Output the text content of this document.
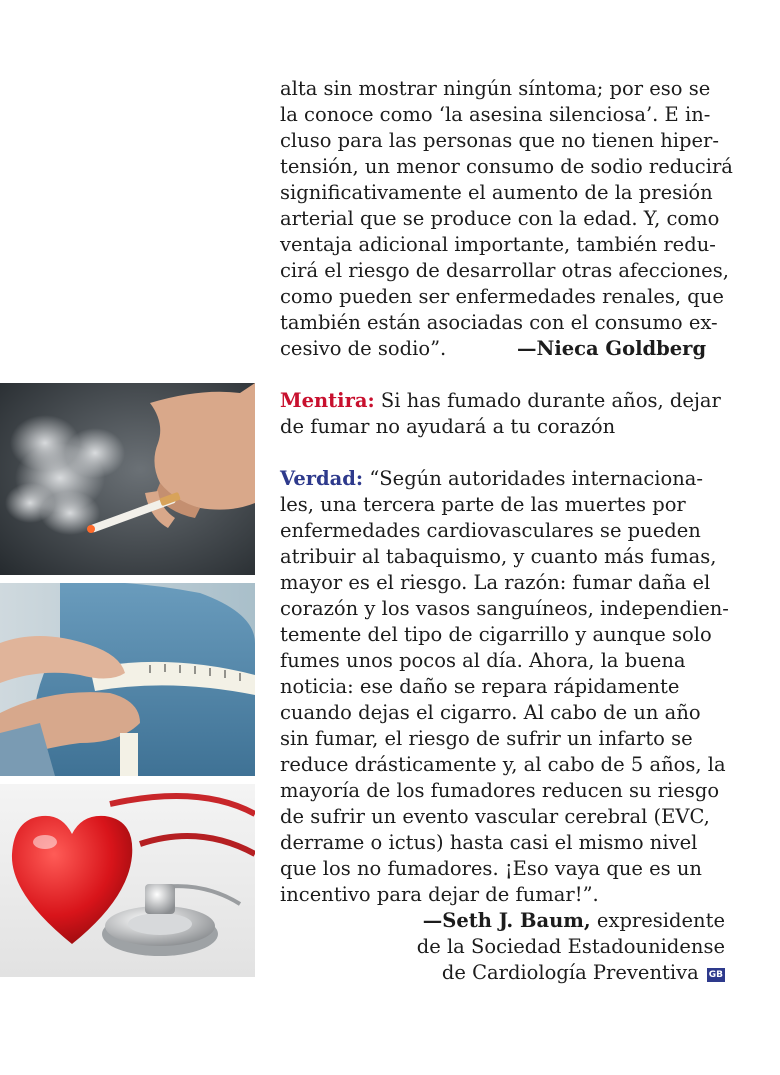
alta sin mostrar ningún síntoma; por eso se
la conoce como ‘la asesina silenciosa’. E in-
cluso para las personas que no tienen hiper-
tensión, un menor consumo de sodio reducirá
significativamente el aumento de la presión
arterial que se produce con la edad. Y, como
ventaja adicional importante, también redu-
cirá el riesgo de desarrollar otras afecciones,
como pueden ser enfermedades renales, que
también están asociadas con el consumo ex-
cesivo de sodio”.	—Nieca Goldberg

Mentira: Si has fumado durante años, dejar
de fumar no ayudará a tu corazón

Verdad: “Según autoridades internaciona-
les, una tercera parte de las muertes por
enfermedades cardiovasculares se pueden
atribuir al tabaquismo, y cuanto más fumas,
mayor es el riesgo. La razón: fumar daña el
corazón y los vasos sanguíneos, independien-
temente del tipo de cigarrillo y aunque solo
fumes unos pocos al día. Ahora, la buena
noticia: ese daño se repara rápidamente
cuando dejas el cigarro. Al cabo de un año
sin fumar, el riesgo de sufrir un infarto se
reduce drásticamente y, al cabo de 5 años, la
mayoría de los fumadores reducen su riesgo
de sufrir un evento vascular cerebral (EVC,
derrame o ictus) hasta casi el mismo nivel
que los no fumadores. ¡Eso vaya que es un
incentivo para dejar de fumar!”.

—Seth J. Baum, expresidente
de la Sociedad Estadounidense
de Cardiología Preventiva GB
